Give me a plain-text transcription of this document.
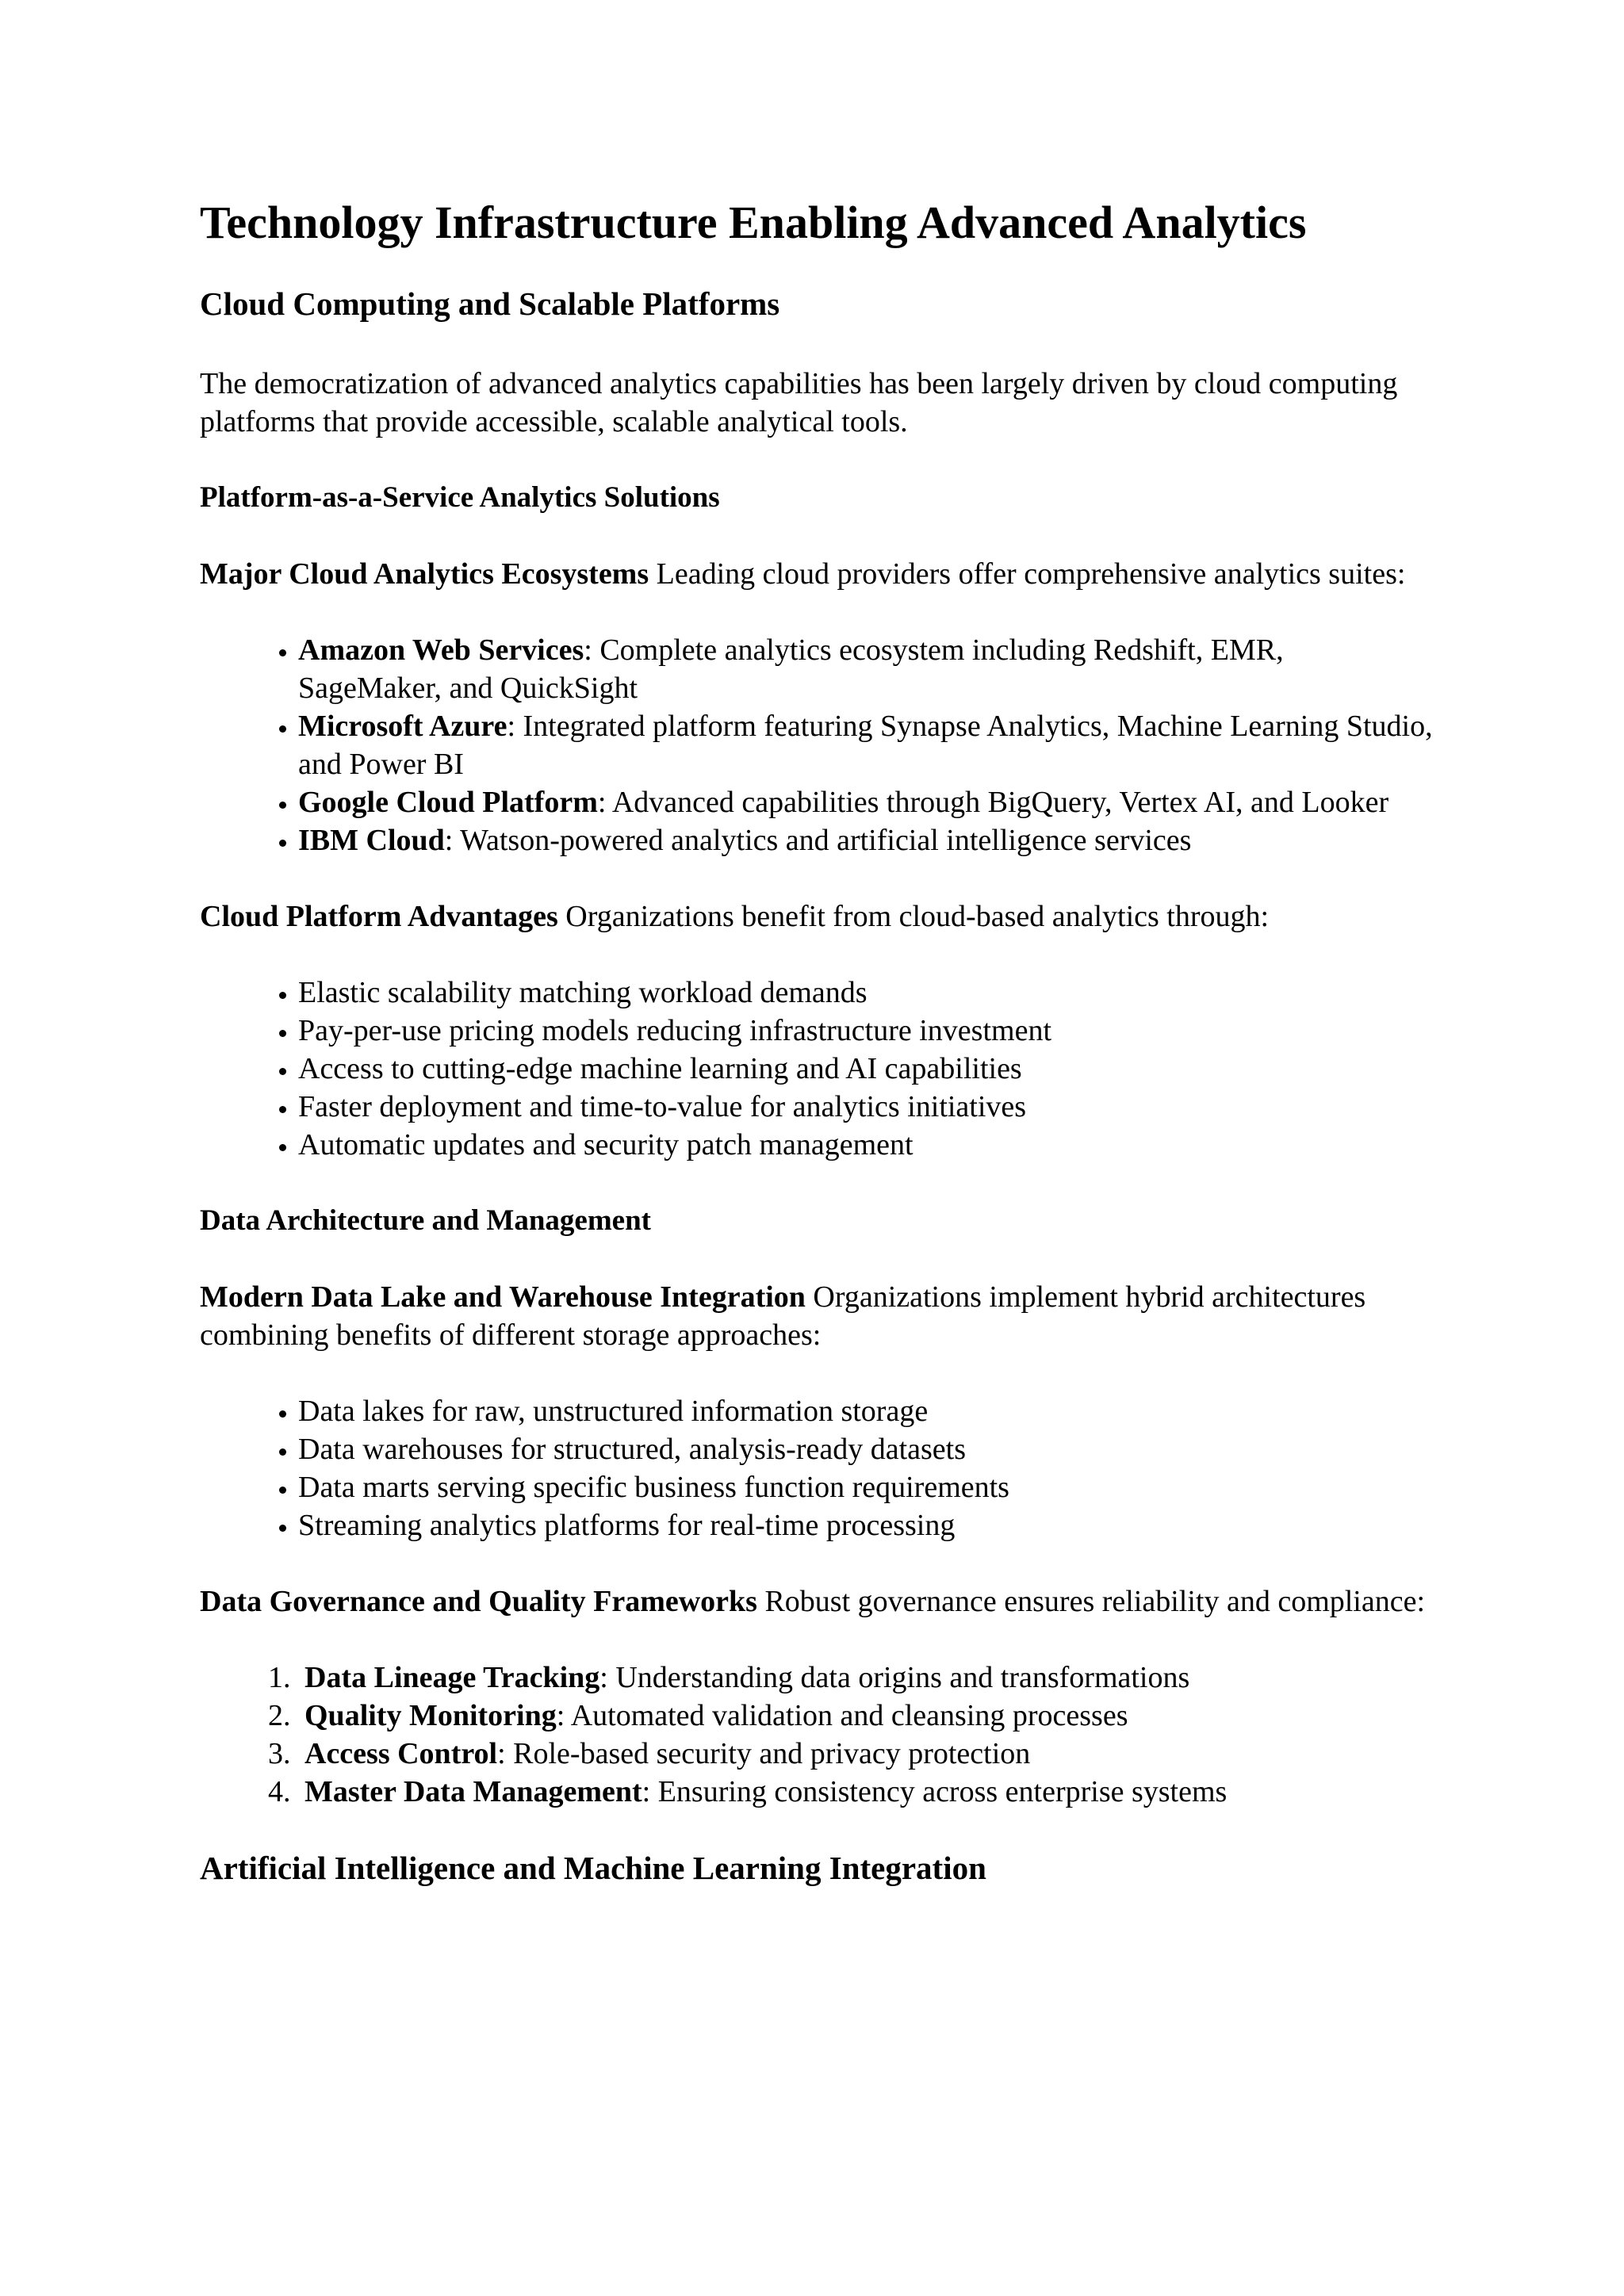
Technology Infrastructure Enabling Advanced Analytics
Cloud Computing and Scalable Platforms

The democratization of advanced analytics capabilities has been largely driven by cloud computing platforms that provide accessible, scalable analytical tools.

Platform-as-a-Service Analytics Solutions

Major Cloud Analytics Ecosystems Leading cloud providers offer comprehensive analytics suites:

• Amazon Web Services: Complete analytics ecosystem including Redshift, EMR, SageMaker, and QuickSight
• Microsoft Azure: Integrated platform featuring Synapse Analytics, Machine Learning Studio, and Power BI
• Google Cloud Platform: Advanced capabilities through BigQuery, Vertex AI, and Looker
• IBM Cloud: Watson-powered analytics and artificial intelligence services

Cloud Platform Advantages Organizations benefit from cloud-based analytics through:

• Elastic scalability matching workload demands
• Pay-per-use pricing models reducing infrastructure investment
• Access to cutting-edge machine learning and AI capabilities
• Faster deployment and time-to-value for analytics initiatives
• Automatic updates and security patch management
Data Architecture and Management

Modern Data Lake and Warehouse Integration Organizations implement hybrid architectures combining benefits of different storage approaches:

• Data lakes for raw, unstructured information storage
• Data warehouses for structured, analysis-ready datasets
• Data marts serving specific business function requirements
• Streaming analytics platforms for real-time processing

Data Governance and Quality Frameworks Robust governance ensures reliability and compliance:

1. Data Lineage Tracking: Understanding data origins and transformations
2. Quality Monitoring: Automated validation and cleansing processes
3. Access Control: Role-based security and privacy protection
4. Master Data Management: Ensuring consistency across enterprise systems
Artificial Intelligence and Machine Learning Integration
